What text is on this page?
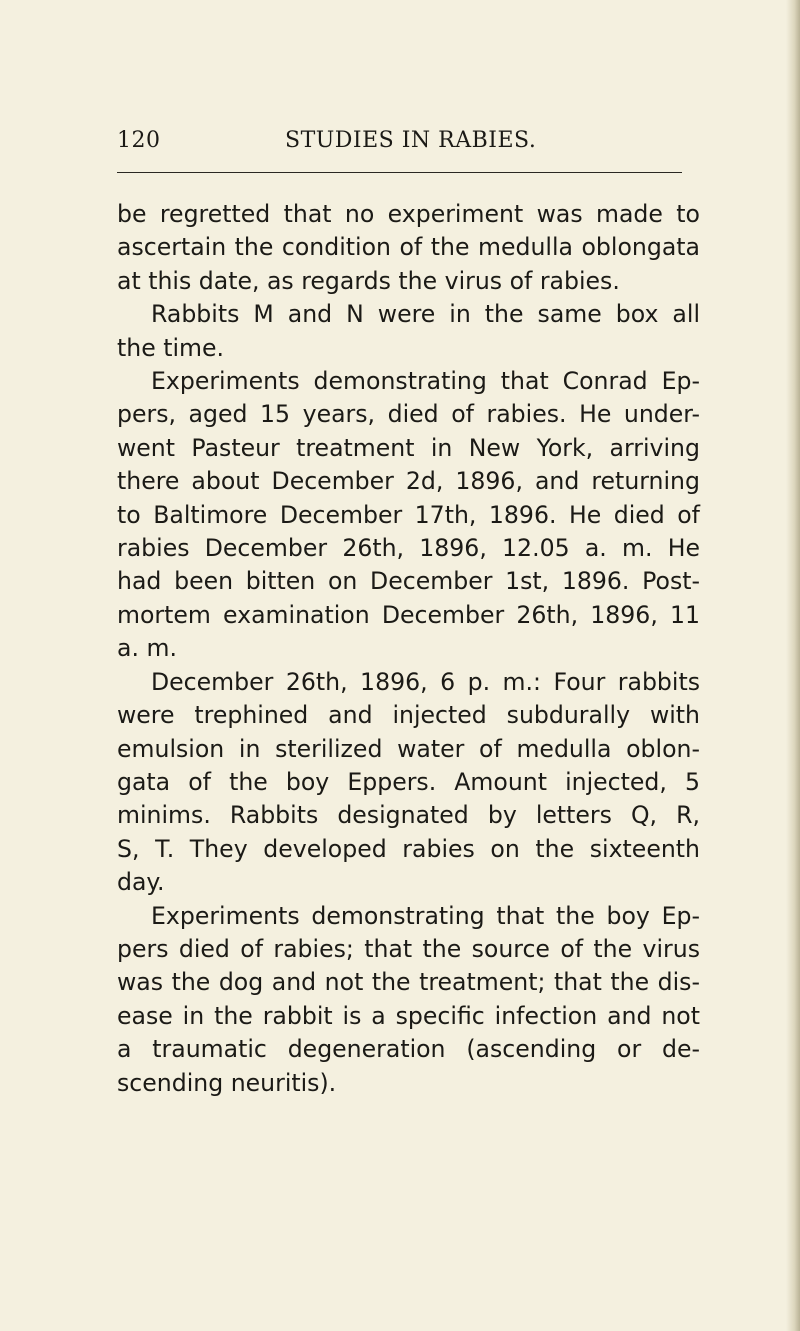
120	STUDIES IN RABIES.

be regretted that no experiment was made to
ascertain the condition of the medulla oblongata
at this date, as regards the virus of rabies.

Rabbits M and N were in the same box all
the time.

Experiments demonstrating that Conrad Ep-
pers, aged 15 years, died of rabies. He under-
went Pasteur treatment in New York, arriving
there about December 2d, 1896, and returning
to Baltimore December 17th, 1896. He died of
rabies December 26th, 1896, 12.05 a. m. He
had been bitten on December 1st, 1896. Post-
mortem examination December 26th, 1896, 11
a. m.

December 26th, 1896, 6 p. m.: Four rabbits
were trephined and injected subdurally with
emulsion in sterilized water of medulla oblon-
gata of the boy Eppers. Amount injected, 5
minims. Rabbits designated by letters Q, R,
S, T. They developed rabies on the sixteenth
day.

Experiments demonstrating that the boy Ep-
pers died of rabies; that the source of the virus
was the dog and not the treatment; that the dis-
ease in the rabbit is a specific infection and not
a traumatic degeneration (ascending or de-
scending neuritis).
